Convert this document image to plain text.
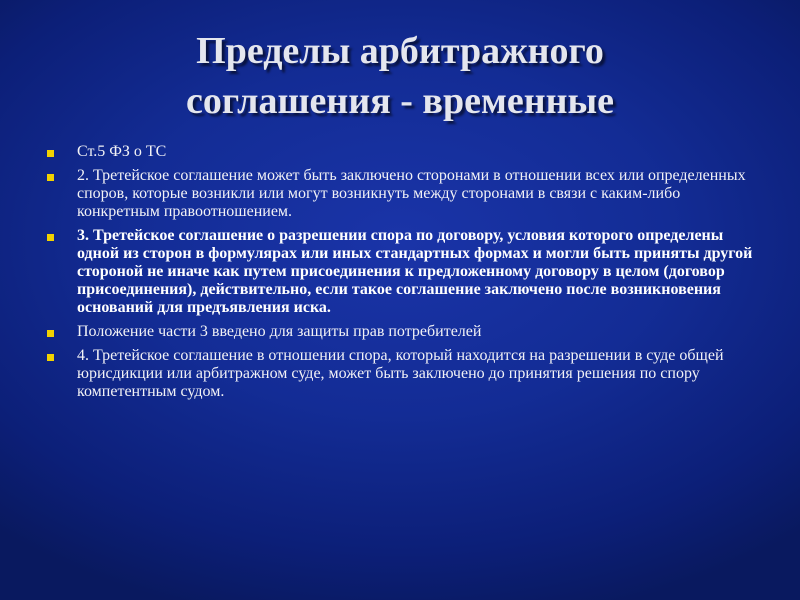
Пределы арбитражного
соглашения - временные
Ст.5 ФЗ о ТС
2. Третейское соглашение может быть заключено сторонами в отношении всех или определенных споров, которые возникли или могут возникнуть между сторонами в связи с каким-либо конкретным правоотношением.
3. Третейское соглашение о разрешении спора по договору, условия которого определены одной из сторон в формулярах или иных стандартных формах и могли быть приняты другой стороной не иначе как путем присоединения к предложенному договору в целом (договор присоединения), действительно, если такое соглашение заключено после возникновения оснований для предъявления иска.
Положение части 3 введено для защиты прав потребителей
4. Третейское соглашение в отношении спора, который находится на разрешении в суде общей юрисдикции или арбитражном суде, может быть заключено до принятия решения по спору компетентным судом.
